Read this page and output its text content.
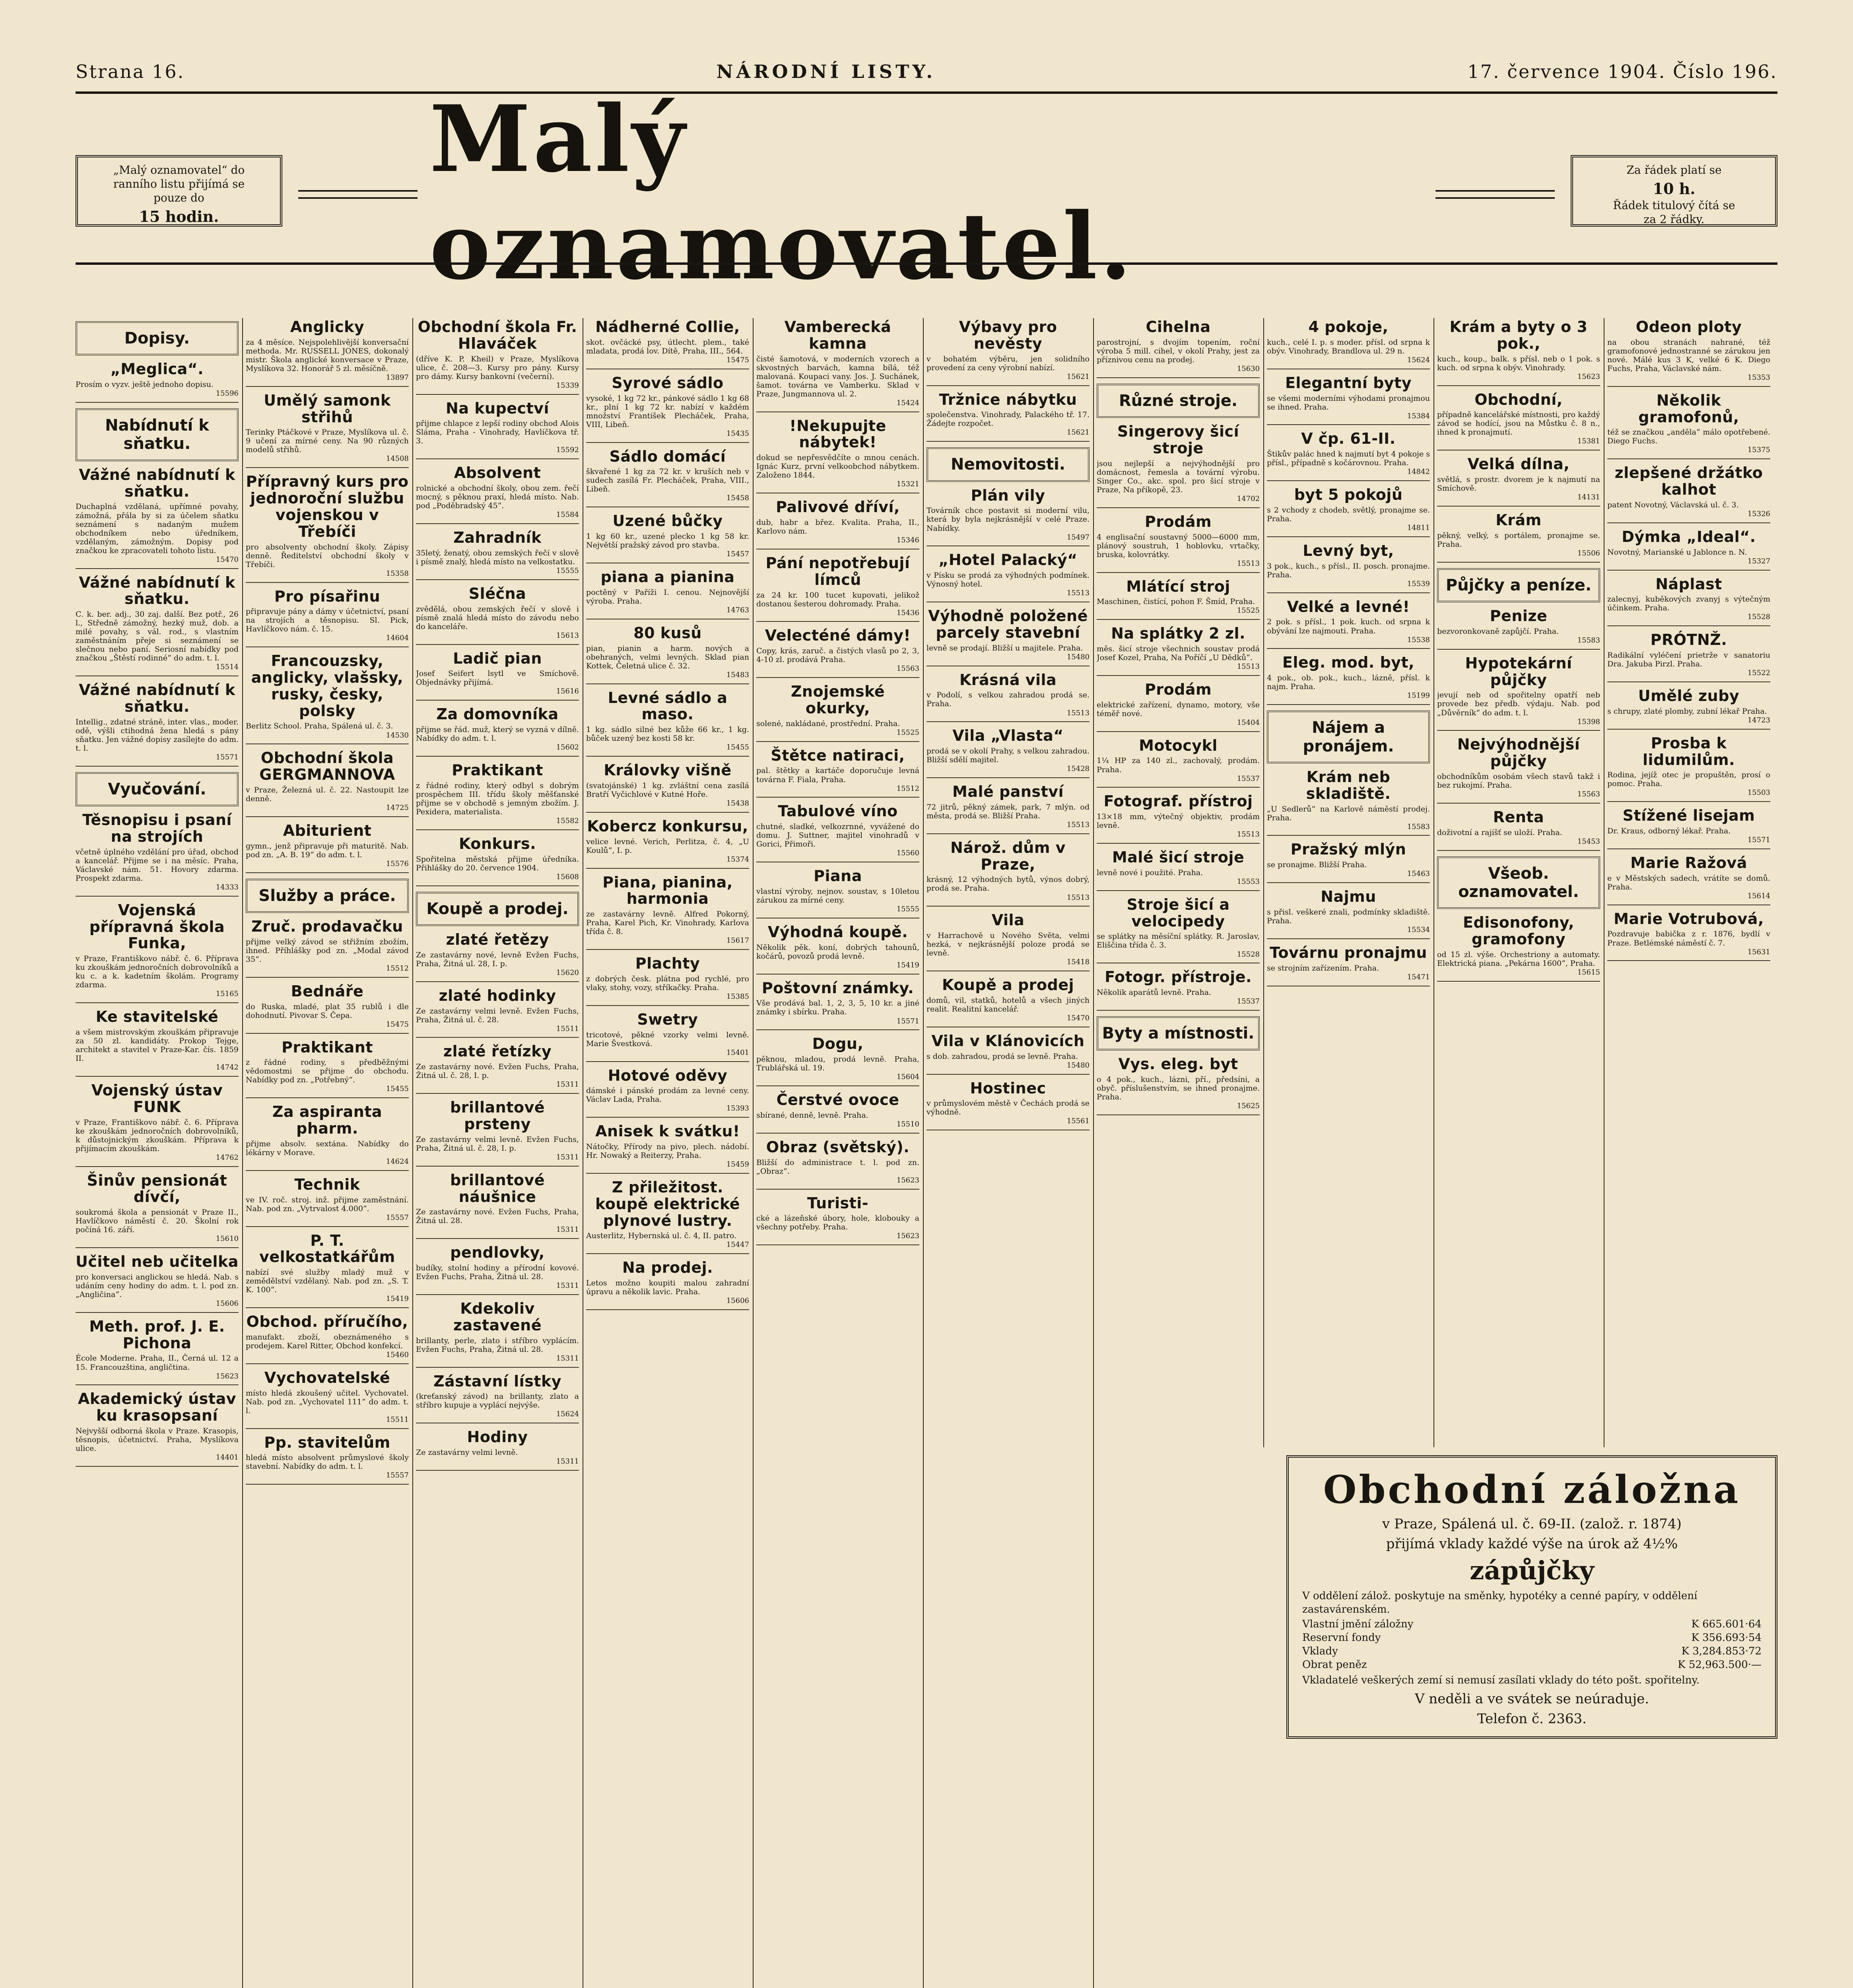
Strana 16.	NÁRODNÍ LISTY.	17. července 1904. Číslo 196.
„Malý oznamovatel“ do
ranního listu přijímá se
pouze do
15 hodin.
Malý oznamovatel.
Za řádek platí se
10 h.
Řádek titulový čítá se
za 2 řádky.
Dopisy.
„Meglica“.

Prosím o vyzv. ještě jednoho dopisu.

15596
Nabídnutí k sňatku.
Vážné nabídnutí k sňatku.

Duchaplná vzdělaná, upřímné povahy, zámožná, přála by si za účelem sňatku seznámení s nadaným mužem obchodníkem nebo úředníkem, vzdělaným, zámožným. Dopisy pod značkou ke zpracovateli tohoto listu.

15470
Vážné nabídnutí k sňatku.

C. k. ber. adj., 30 zaj. další. Bez potř., 26 l., Středně zámožný, hezký muž, dob. a milé povahy, s vál. rod., s vlastním zaměstnáním přeje si seznámení se slečnou nebo paní. Seriosní nabídky pod značkou „Štěstí rodinné“ do adm. t. l.

15514
Vážné nabídnutí k sňatku.

Intellig., zdatné stráně, inter. vlas., moder. odě, výšli ctihodná žena hledá s pány sňatku. Jen vážné dopisy zasílejte do adm. t. l.

15571
Vyučování.
Těsnopisu i psaní na strojích

včetně úplného vzdělání pro úřad, obchod a kancelář. Přijme se i na měsíc. Praha, Václavské nám. 51. Hovory zdarma. Prospekt zdarma.

14333
Vojenská přípravná škola Funka,

v Praze, Františkovo nábř. č. 6. Příprava ku zkouškám jednoročních dobrovolníků a ku c. a k. kadetním školám. Programy zdarma.

15165
Ke stavitelské

a všem mistrovským zkouškám připravuje za 50 zl. kandidáty. Prokop Tejge, architekt a stavitel v Praze-Kar. čís. 1859 II.

14742
Vojenský ústav FUNK

v Praze, Františkovo nábř. č. 6. Příprava ke zkouškám jednoročních dobrovolníků, k důstojnickým zkouškám. Příprava k přijímacím zkouškám.

14762
Šinův pensionát dívčí,

soukromá škola a pensionát v Praze II., Havlíčkovo náměstí č. 20. Školní rok počíná 16. září.

15610
Učitel neb učitelka

pro konversaci anglickou se hledá. Nab. s udáním ceny hodiny do adm. t. l. pod zn. „Angličina“.

15606
Meth. prof. J. E. Pichona

École Moderne. Praha, II., Černá ul. 12 a 15. Francouzština, angličtina.

15623
Akademický ústav ku krasopsaní

Nejvyšší odborná škola v Praze. Krasopis, těsnopis, účetnictví. Praha, Myslíkova ulice.

14401
Anglicky

za 4 měsíce. Nejspolehlivější konversační methoda. Mr. RUSSELL JONES, dokonalý mistr. Škola anglické konversace v Praze, Myslíkova 32. Honorář 5 zl. měsíčně.

13897
Umělý samonk střihů

Terinky Ptáčkové v Praze, Myslíkova ul. č. 9 učení za mírné ceny. Na 90 různých modelů střihů.

14508
Přípravný kurs pro jednoroční službu vojenskou v Třebíči

pro absolventy obchodní školy. Zápisy denně. Ředitelství obchodní školy v Třebíči.

15358
Pro písařinu

připravuje pány a dámy v účetnictví, psaní na strojích a těsnopisu. Sl. Pick, Havlíčkovo nám. č. 15.

14604
Francouzsky, anglicky, vlašsky, rusky, česky, polsky

Berlitz School. Praha, Spálená ul. č. 3.

14530
Obchodní škola GERGMANNOVA

v Praze, Železná ul. č. 22. Nastoupit lze denně.

14725
Abiturient

gymn., jenž připravuje při maturitě. Nab. pod zn. „A. B. 19“ do adm. t. l.

15576
Služby a práce.
Zruč. prodavačku

přijme velký závod se střižním zbožím, ihned. Příhlášky pod zn. „Modal závod 35“.

15512
Bednáře

do Ruska, mladé, plat 35 rublů i dle dohodnutí. Pivovar S. Čepa.

15475
Praktikant

z řádné rodiny, s předběžnými vědomostmi se přijme do obchodu. Nabídky pod zn. „Potřebný“.

15455
Za aspiranta pharm.

přijme absolv. sextána. Nabídky do lékárny v Morave.

14624
Technik

ve IV. roč. stroj. inž. přijme zaměstnání. Nab. pod zn. „Vytrvalost 4.000“.

15557
P. T. velkostatkářům

nabízí své služby mladý muž v zemědělství vzdělaný. Nab. pod zn. „S. T. K. 100“.

15419
Obchod. příručího,

manufakt. zboží, obeznámeného s prodejem. Karel Ritter, Obchod konfekcí.

15460
Vychovatelské

místo hledá zkoušený učitel. Vychovatel. Nab. pod zn. „Vychovatel 111“ do adm. t. l.

15511
Pp. stavitelům

hledá místo absolvent průmyslové školy stavební. Nabídky do adm. t. l.

15557
Obchodní škola Fr. Hlaváček

(dříve K. P. Kheil) v Praze, Myslíkova ulice, č. 208—3. Kursy pro pány. Kursy pro dámy. Kursy bankovní (večerní).

15339
Na kupectví

přijme chlapce z lepší rodiny obchod Alois Sláma, Praha - Vinohrady, Havlíčkova tř. 3.

15592
Absolvent

rolnické a obchodní školy, obou zem. řečí mocný, s pěknou praxí, hledá místo. Nab. pod „Poděbradský 45“.

15584
Zahradník

35letý, ženatý, obou zemských řečí v slově i písmě znalý, hledá místo na velkostatku.

15555
Sléčna

zvědělá, obou zemských řečí v slově i písmě znalá hledá místo do závodu nebo do kanceláře.

15613
Ladič pian

Josef Seifert lsytl ve Smíchově. Objednávky přijímá.

15616
Za domovníka

přijme se řád. muž, který se vyzná v dílně. Nabídky do adm. t. l.

15602
Praktikant

z řádné rodiny, který odbyl s dobrým prospěchem III. třídu školy měšťanské přijme se v obchodě s jemným zbožím. J. Pexidera, materialista.

15582
Konkurs.

Spořitelna městská přijme úředníka. Přihlášky do 20. července 1904.

15608
Koupě a prodej.
zlaté řetězy

Ze zastavárny nové, levně Evžen Fuchs, Praha, Žitná ul. 28, I. p.

15620
zlaté hodinky

Ze zastavárny velmi levně. Evžen Fuchs, Praha, Žitná ul. č. 28.

15511
zlaté řetízky

Ze zastavárny nové. Evžen Fuchs, Praha, Žitná ul. č. 28, I. p.

15311
brillantové prsteny

Ze zastavárny velmi levně. Evžen Fuchs, Praha, Žitná ul. č. 28, I. p.

15311
brillantové náušnice

Ze zastavárny nové. Evžen Fuchs, Praha, Žitná ul. 28.

15311
pendlovky,

budíky, stolní hodiny a přírodní kovové. Evžen Fuchs, Praha, Žitná ul. 28.

15311
Kdekoliv zastavené

brillanty, perle, zlato i stříbro vyplácím. Evžen Fuchs, Praha, Žitná ul. 28.

15311
Zástavní lístky

(kreťanský závod) na brillanty, zlato a stříbro kupuje a vyplácí nejvýše.

15624
Hodiny

Ze zastavárny velmi levně.

15311
Nádherné Collie,

skot. ovčácké psy, útlecht. plem., také mladata, prodá lov. Dítě, Praha, III., 564.

15475
Syrové sádlo

vysoké, 1 kg 72 kr., pánkové sádlo 1 kg 68 kr., plní 1 kg 72 kr. nabízí v každém množství František Plecháček, Praha, VIII, Libeň.

15435
Sádlo domácí

škvařené 1 kg za 72 kr. v kruších neb v sudech zasílá Fr. Plecháček, Praha, VIII., Libeň.

15458
Uzené bůčky

1 kg 60 kr., uzené plecko 1 kg 58 kr. Největší pražský závod pro stavba.

15457
piana a pianina

poctěný v Paříži I. cenou. Nejnovější výroba. Praha.

14763
80 kusů

pian, pianin a harm. nových a obehraných, velmi levných. Sklad pian Kottek, Čeletná ulice č. 32.

15483
Levné sádlo a maso.

1 kg. sádlo silné bez kůže 66 kr., 1 kg. bůček uzený bez kosti 58 kr.

15455
Královky višně

(svatojánské) 1 kg. zvláštní cena zasílá Bratří Vyčichlové v Kutné Hoře.

15438
Kobercz konkursu,

velice levné. Verich, Perlitza, č. 4, „U Koulů“, I. p.

15374
Piana, pianina, harmonia

ze zastavárny levně. Alfred Pokorný, Praha, Karel Pich, Kr. Vinohrady, Karlova třída č. 8.

15617
Plachty

z dobrých česk. plátna pod rychlé, pro vlaky, stohy, vozy, stříkačky. Praha.

15385
Swetry

tricotové, pěkné vzorky velmi levně. Marie Švestková.

15401
Hotové oděvy

dámské i pánské prodám za levné ceny. Václav Lada, Praha.

15393
Anisek k svátku!

Nátočky, Přírody na pivo, plech. nádobí. Hr. Nowaký a Reiterzy, Praha.

15459
Z přiležitost. koupě elektrické plynové lustry.

Austerlitz, Hybernská ul. č. 4, II. patro.

15447
Na prodej.

Letos možno koupiti malou zahradní úpravu a několik lavic. Praha.

15606
Vamberecká kamna

čisté šamotová, v moderních vzorech a skvostných barvách, kamna bílá, též malovaná. Koupaci vany. Jos. J. Suchánek, šamot. továrna ve Vamberku. Sklad v Praze, Jungmannova ul. 2.

15424
!Nekupujte nábytek!

dokud se nepřesvědčíte o mnou cenách. Ignác Kurz, první velkoobchod nábytkem. Založeno 1844.

15321
Palivové dříví,

dub, habr a břez. Kvalita. Praha, II., Karlovo nám.

15346
Pání nepotřebují límců

za 24 kr. 100 tucet kupovati, jelikož dostanou šesterou dohromady. Praha.

15436
Velecténé dámy!

Copy, krás, zaruč. a čistých vlasů po 2, 3, 4-10 zl. prodává Praha.

15563
Znojemské okurky,

solené, nakládané, prostřední. Praha.

15525
Štětce natiraci,

pal. štětky a kartáče doporučuje levná továrna F. Fiala, Praha.

15512
Tabulové víno

chutné, sladké, velkozrnné, vyvážené do domu. J. Suttner, majitel vinohradů v Gorici, Přimoři.

15560
Piana

vlastní výroby, nejnov. soustav, s 10letou zárukou za mírné ceny.

15555
Výhodná koupě.

Několik pěk. koní, dobrých tahounů, kočárů, povozů prodá levně.

15419
Poštovní známky.

Vše prodává bal. 1, 2, 3, 5, 10 kr. a jiné známky i sbírku. Praha.

15571
Dogu,

pěknou, mladou, prodá levně. Praha, Trublářská ul. 19.

15604
Čerstvé ovoce

sbírané, denně, levně. Praha.

15510
Obraz (světský).

Bližší do administrace t. l. pod zn. „Obraz“.

15623
Turisti-

cké a lázeňské úbory, hole, klobouky a všechny potřeby. Praha.

15623
Výbavy pro nevěsty

v bohatém výběru, jen solidního provedení za ceny výrobní nabízí.

15621
Tržnice nábytku

společenstva. Vinohrady, Palackého tř. 17. Žádejte rozpočet.

15621
Nemovitosti.
Plán vily

Továrník chce postavit si moderní vilu, která by byla nejkrásnější v celé Praze. Nabídky.

15497
„Hotel Palacký“

v Písku se prodá za výhodných podmínek. Výnosný hotel.

15513
Výhodně položené parcely stavební

levně se prodají. Bližší u majitele. Praha.

15480
Krásná vila

v Podolí, s velkou zahradou prodá se. Praha.

15513
Vila „Vlasta“

prodá se v okolí Prahy, s velkou zahradou. Bližší sdělí majitel.

15428
Malé panství

72 jitrů, pěkný zámek, park, 7 mlýn. od města, prodá se. Bližší Praha.

15513
Nárož. dům v Praze,

krásný, 12 výhodných bytů, výnos dobrý, prodá se. Praha.

15513
Vila

v Harrachově u Nového Světa, velmi hezká, v nejkrásnější poloze prodá se levně.

15418
Koupě a prodej

domů, vil, statků, hotelů a všech jiných realit. Realitní kancelář.

15470
Vila v Klánovicích

s dob. zahradou, prodá se levně. Praha.

15480
Hostinec

v průmyslovém městě v Čechách prodá se výhodně.

15561
Cihelna

parostrojní, s dvojím topením, roční výroba 5 mill. cihel, v okolí Prahy, jest za příznivou cenu na prodej.

15630
Různé stroje.
Singerovy šicí stroje

jsou nejlepší a nejvýhodnější pro domácnost, řemesla a tovární výrobu. Singer Co., akc. spol. pro šicí stroje v Praze, Na příkopě, 23.

14702
Prodám

4 englisační soustavný 5000—6000 mm, plánový soustruh, 1 hoblovku, vrtačky, bruska, kolovrátky.

15513
Mlátící stroj

Maschinen, čistící, pohon F. Šmíd, Praha.

15525
Na splátky 2 zl.

měs. šicí stroje všechnich soustav prodá Josef Kozel, Praha, Na Poříčí „U Dědků“.

15513
Prodám

elektrické zařízení, dynamo, motory, vše téměř nové.

15404
Motocykl

1¼ HP za 140 zl., zachovalý, prodám. Praha.

15537
Fotograf. přístroj

13×18 mm, výtečný objektiv, prodám levně.

15513
Malé šicí stroje

levně nové i použité. Praha.

15553
Stroje šicí a velocipedy

se splátky na měsíční splátky. R. Jaroslav, Eliščina třída č. 3.

15528
Fotogr. přístroje.

Několik aparátů levně. Praha.

15537
Byty a místnosti.
Vys. eleg. byt

o 4 pok., kuch., lázni, pří., předsíni, a obyč. příslušenstvím, se ihned pronajme. Praha.

15625
4 pokoje,

kuch., celé I. p. s moder. přísl. od srpna k obýv. Vinohrady, Brandlova ul. 29 n.

15624
Elegantní byty

se všemi moderními výhodami pronajmou se ihned. Praha.

15384
V čp. 61-II.

Štikův palác hned k najmutí byt 4 pokoje s přísl., případně s kočárovnou. Praha.

14842
byt 5 pokojů

s 2 vchody z chodeb, světlý, pronajme se. Praha.

14811
Levný byt,

3 pok., kuch., s přísl., II. posch. pronajme. Praha.

15539
Velké a levné!

2 pok. s přísl., 1 pok. kuch. od srpna k obývání lze najmouti. Praha.

15538
Eleg. mod. byt,

4 pok., ob. pok., kuch., lázně, přísl. k najm. Praha.

15199
Nájem a pronájem.
Krám neb skladiště.

„U Sedlerů“ na Karlově náměstí prodej. Praha.

15583
Pražský mlýn

se pronajme. Bližší Praha.

15463
Najmu

s přisl. veškeré znali, podmínky skladiště. Praha.

15534
Továrnu pronajmu

se strojním zařízením. Praha.

15471
Krám a byty o 3 pok.,

kuch., koup., balk. s přísl. neb o 1 pok. s kuch. od srpna k obýv. Vinohrady.

15623
Obchodní,

případně kancelářské místnosti, pro každý závod se hodící, jsou na Můstku č. 8 n., ihned k pronajmutí.

15381
Velká dílna,

světlá, s prostr. dvorem je k najmutí na Smíchově.

14131
Krám

pěkný, velký, s portálem, pronajme se. Praha.

15506
Půjčky a peníze.
Penize

bezvoronkovaně zapůjčí. Praha.

15583
Hypotekární půjčky

jevují neb od spořitelny opatří neb provede bez předb. výdaju. Nab. pod „Důvěrník“ do adm. t. l.

15398
Nejvýhodnější půjčky

obchodníkům osobám všech stavů takž i bez rukojmí. Praha.

15563
Renta

doživotní a rajíšť se uloží. Praha.

15453
Všeob. oznamovatel.
Edisonofony, gramofony

od 15 zl. výše. Orchestriony a automaty. Elektrická piana. „Pekárna 1600“, Praha.

15615
Odeon ploty

na obou stranách nahrané, též gramofonové jednostranné se zárukou jen nové. Málé kus 3 K, velké 6 K. Diego Fuchs, Praha, Václavské nám.

15353
Několik gramofonů,

též se značkou „anděla“ málo opotřebené. Diego Fuchs.

15375
zlepšené držátko kalhot

patent Novotný, Václavská ul. č. 3.

15326
Dýmka „Ideal“.

Novotný, Marianské u Jablonce n. N.

15327
Náplast

zalecnyj, kuběkových zvanyj s výtečným účinkem. Praha.

15528
PRÓTNŽ.

Radikální vyléčení prietrže v sanatoriu Dra. Jakuba Pirzl. Praha.

15522
Umělé zuby

s chrupy, zlaté plomby, zubní lékař Praha.

14723
Prosba k lidumilům.

Rodina, jejíž otec je propuštěn, prosí o pomoc. Praha.

15503
Stížené lisejam

Dr. Kraus, odborný lékař. Praha.

15571
Marie Ražová

e v Městských sadech, vrátíte se domů. Praha.

15614
Marie Votrubová,

Pozdravuje babička z r. 1876, bydlí v Praze. Betlémské náměstí č. 7.

15631
Obchodní záložna
v Praze, Spálená ul. č. 69-II. (založ. r. 1874)
přijímá vklady každé výše na úrok až 4½%
zápůjčky
V oddělení zálož. poskytuje na směnky, hypotéky a cenné papíry, v oddělení zastavárenském.
Vlastní jmění záložny	K 665.601·64
Reservní fondy	K 356.693·54
Vklady	K 3,284.853·72
Obrat peněz	K 52,963.500·—
Vkladatelé veškerých zemí si nemusí zasílati vklady do této pošt. spořitelny.
V neděli a ve svátek se neúraduje.
Telefon č. 2363.
